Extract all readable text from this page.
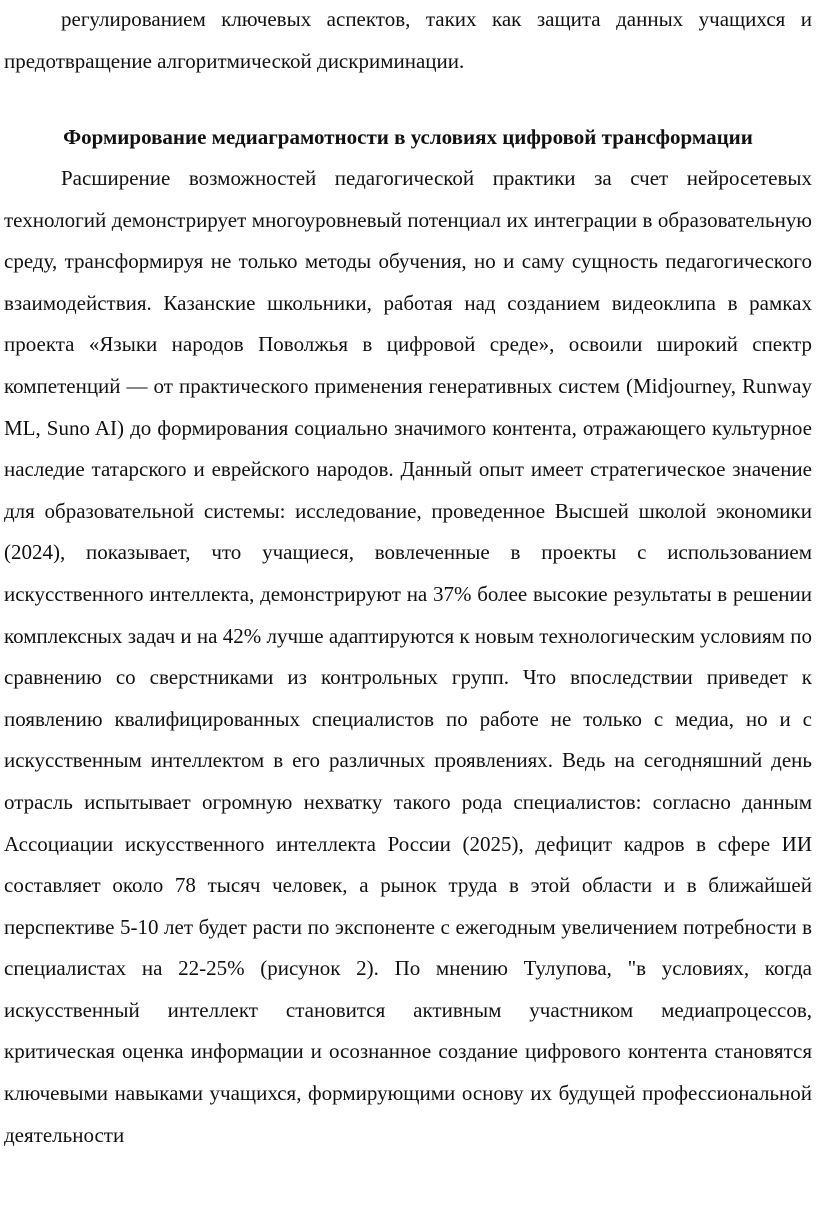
регулированием ключевых аспектов, таких как защита данных учащихся и предотвращение алгоритмической дискриминации.

Формирование медиаграмотности в условиях цифровой трансформации

Расширение возможностей педагогической практики за счет нейросетевых технологий демонстрирует многоуровневый потенциал их интеграции в образовательную среду, трансформируя не только методы обучения, но и саму сущность педагогического взаимодействия. Казанские школьники, работая над созданием видеоклипа в рамках проекта «Языки народов Поволжья в цифровой среде», освоили широкий спектр компетенций — от практического применения генеративных систем (Midjourney, Runway ML, Suno AI) до формирования социально значимого контента, отражающего культурное наследие татарского и еврейского народов. Данный опыт имеет стратегическое значение для образовательной системы: исследование, проведенное Высшей школой экономики (2024), показывает, что учащиеся, вовлеченные в проекты с использованием искусственного интеллекта, демонстрируют на 37% более высокие результаты в решении комплексных задач и на 42% лучше адаптируются к новым технологическим условиям по сравнению со сверстниками из контрольных групп. Что впоследствии приведет к появлению квалифицированных специалистов по работе не только с медиа, но и с искусственным интеллектом в его различных проявлениях. Ведь на сегодняшний день отрасль испытывает огромную нехватку такого рода специалистов: согласно данным Ассоциации искусственного интеллекта России (2025), дефицит кадров в сфере ИИ составляет около 78 тысяч человек, а рынок труда в этой области и в ближайшей перспективе 5-10 лет будет расти по экспоненте с ежегодным увеличением потребности в специалистах на 22-25% (рисунок 2). По мнению Тулупова, "в условиях, когда искусственный интеллект становится активным участником медиапроцессов, критическая оценка информации и осознанное создание цифрового контента становятся ключевыми навыками учащихся, формирующими основу их будущей профессиональной деятельности
